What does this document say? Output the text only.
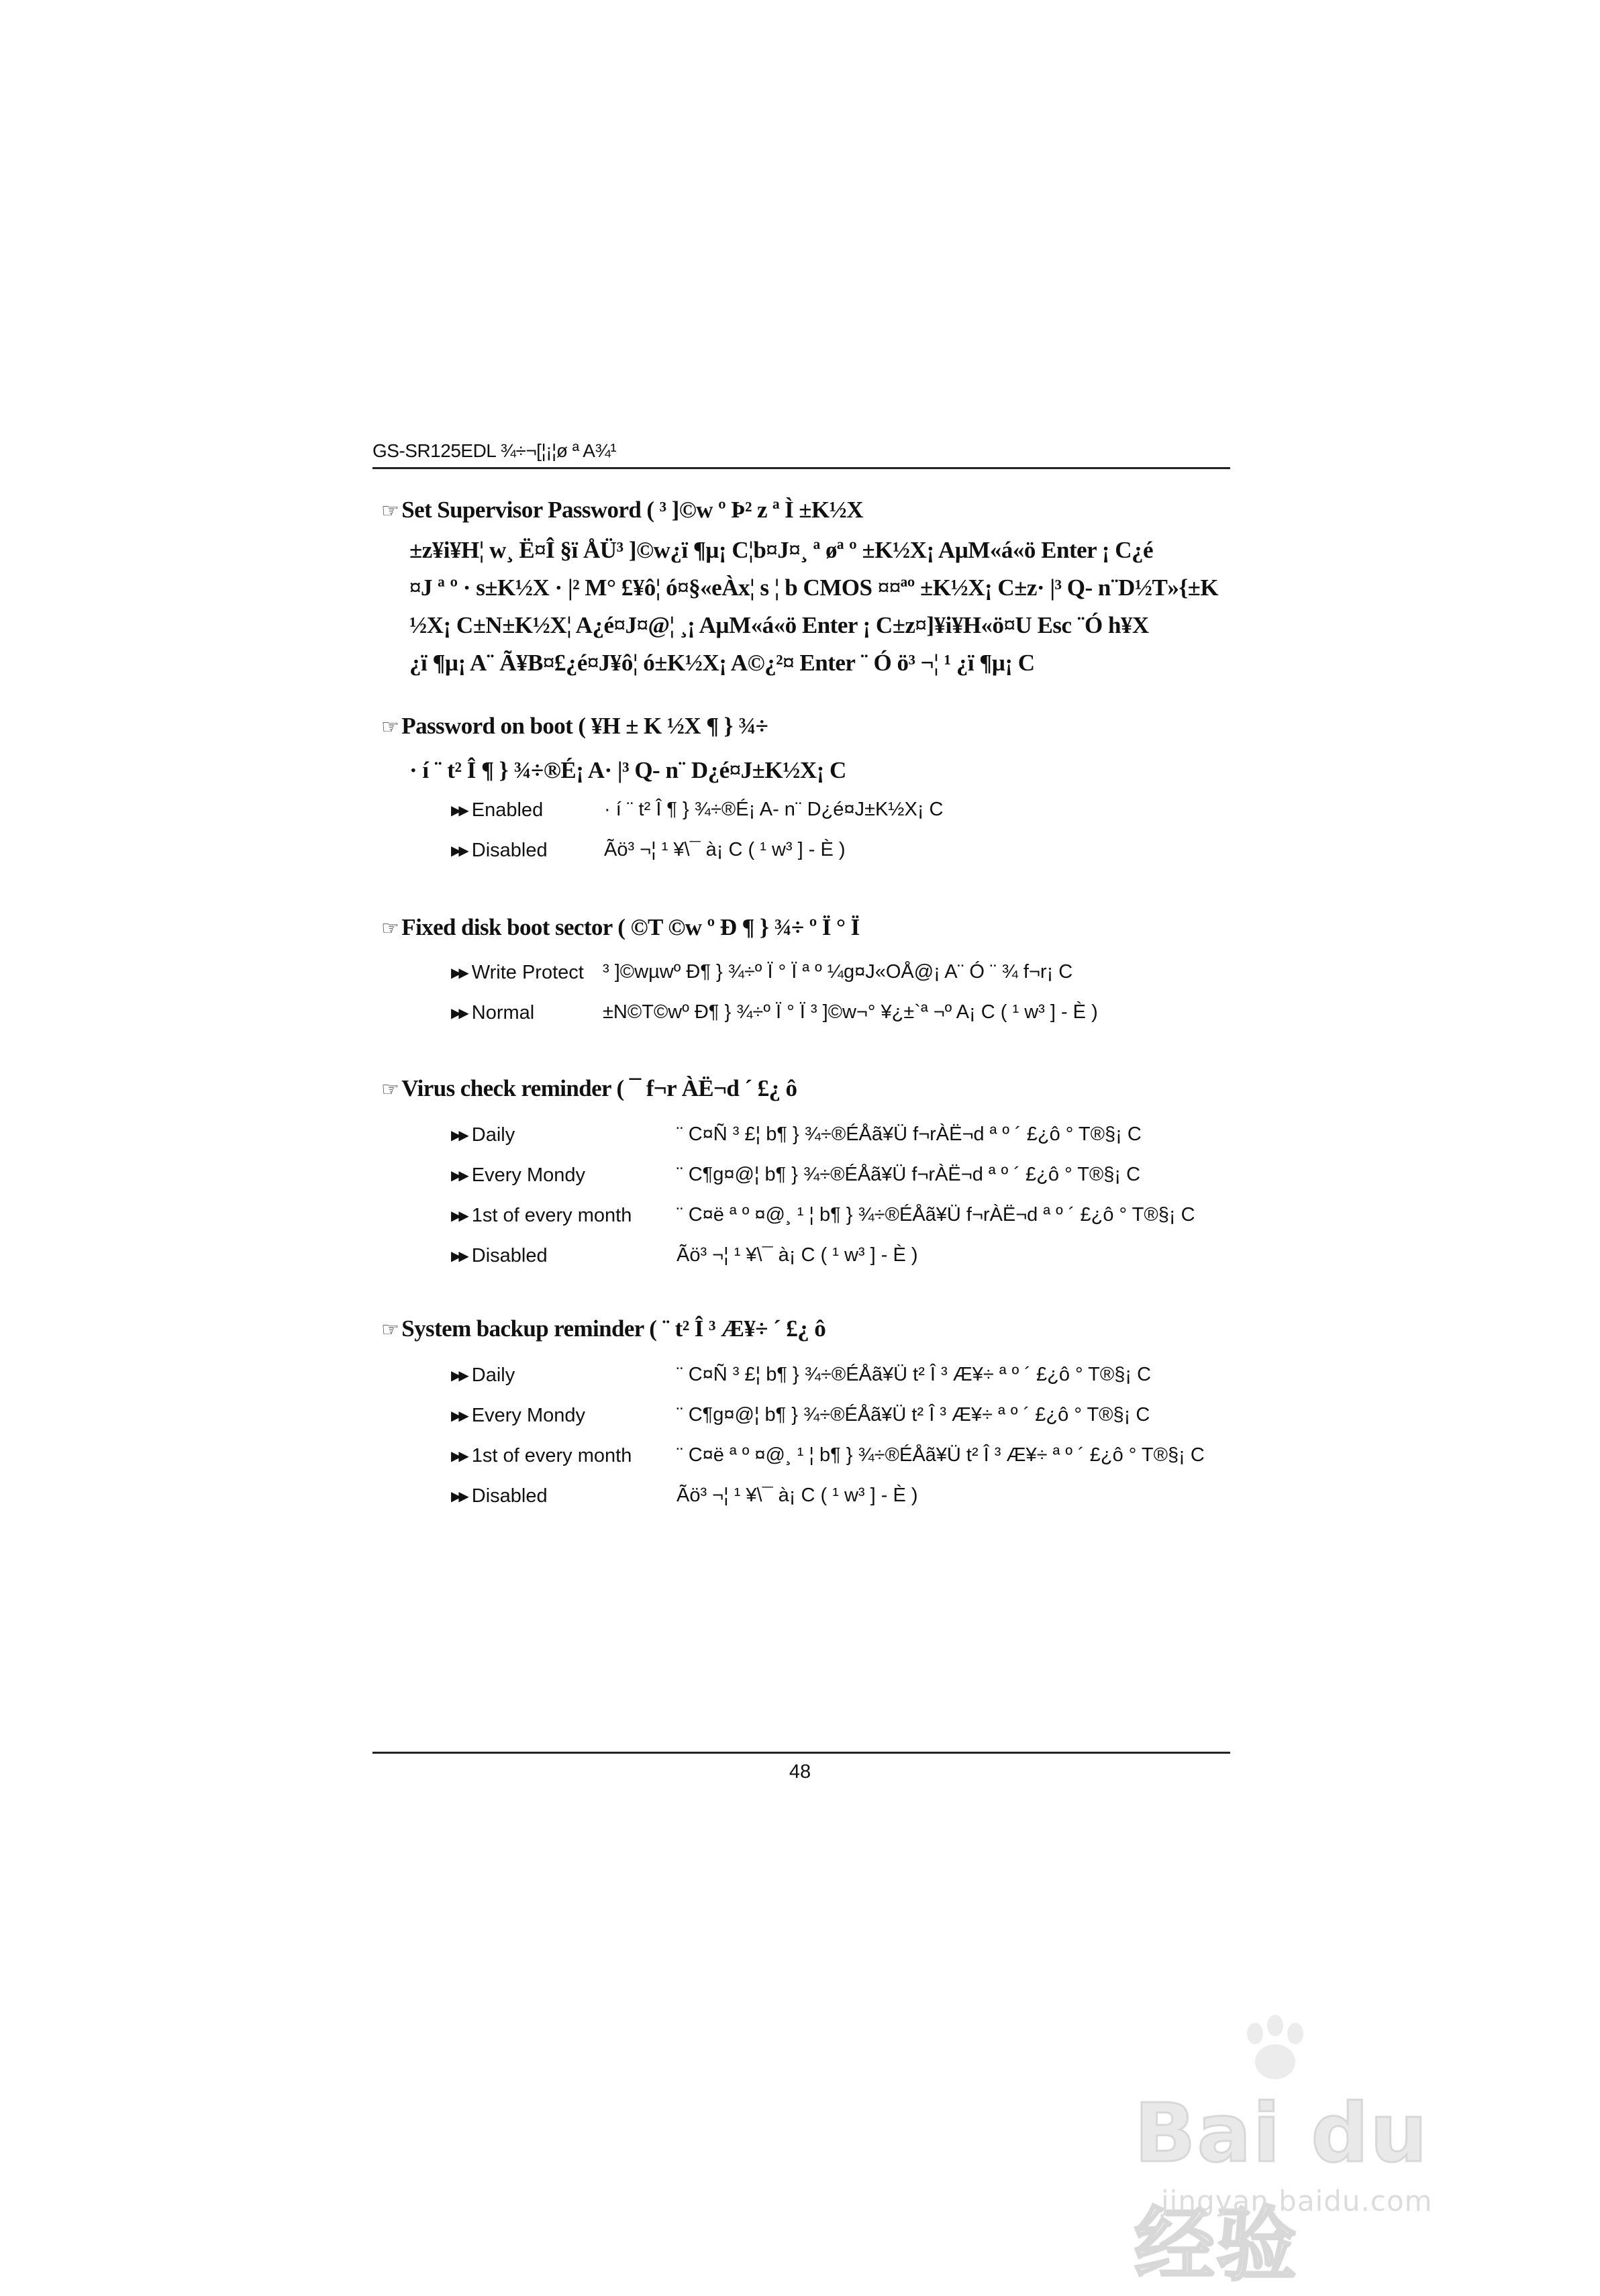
GS-SR125EDL ¾÷¬[¦¡¦ø ª A¾¹
☞ Set Supervisor Password ( ³ ]©w º Þ² z ª Ì ±K½X
±z¥i¥H¦ w¸ Ë¤Î §ï ÅÜ³ ]©w¿ï ¶µ¡ C¦b¤J¤¸ ª øª º ±K½X¡ AµM«á«ö Enter ¡ C¿é
¤J ª º · s±K½X · |² M° £¥ô¦ ó¤§«eÀx¦ s ¦ b CMOS ¤¤ªº ±K½X¡ C±z· |³ Q- n¨D½T»{±K
½X¡ C±N±K½X¦ A¿é¤J¤@¦ ¸¡ AµM«á«ö Enter ¡ C±z¤]¥i¥H«ö¤U Esc ¨Ó h¥X
¿ï ¶µ¡ A¨ Ã¥B¤£¿é¤J¥ô¦ ó±K½X¡ A©¿²¤ Enter ¨ Ó ö³ ¬¦ ¹ ¿ï ¶µ¡ C
☞ Password on boot ( ¥H ± K ½X ¶ } ¾÷
· í ¨ t² Î ¶ } ¾÷®É¡ A· |³ Q- n¨ D¿é¤J±K½X¡ C
▶▶ Enabled	· í ¨ t² Î ¶ } ¾÷®É¡ A- n¨ D¿é¤J±K½X¡ C
▶▶ Disabled	Ãö³ ¬¦ ¹ ¥\¯ à¡ C ( ¹ w³ ] - È )
☞ Fixed disk boot sector ( ©T ©w º Ð ¶ } ¾÷ º Ï ° Ï
▶▶ Write Protect ³ ]©wµwº Ð¶ } ¾÷º Ï ° Ï ª º ¼g¤J«OÅ@¡ A¨ Ó ¨ ¾ f¬r¡ C
▶▶ Normal	±N©T©wº Ð¶ } ¾÷º Ï ° Ï ³ ]©w¬° ¥¿±`ª ¬º A¡ C ( ¹ w³ ] - È )
☞ Virus check reminder ( ¯ f¬r ÀË¬d ´ £¿ ô
▶▶ Daily	¨ C¤Ñ ³ £¦ b¶ } ¾÷®ÉÅã¥Ü f¬rÀË¬d ª º ´ £¿ô ° T®§¡ C
▶▶ Every Mondy	¨ C¶g¤@¦ b¶ } ¾÷®ÉÅã¥Ü f¬rÀË¬d ª º ´ £¿ô ° T®§¡ C
▶▶ 1st of every month ¨ C¤ë ª º ¤@¸ ¹ ¦ b¶ } ¾÷®ÉÅã¥Ü f¬rÀË¬d ª º ´ £¿ô ° T®§¡ C
▶▶ Disabled	Ãö³ ¬¦ ¹ ¥\¯ à¡ C ( ¹ w³ ] - È )
☞ System backup reminder ( ¨ t² Î ³ Æ¥÷ ´ £¿ ô
▶▶ Daily	¨ C¤Ñ ³ £¦ b¶ } ¾÷®ÉÅã¥Ü t² Î ³ Æ¥÷ ª º ´ £¿ô ° T®§¡ C
▶▶ Every Mondy	¨ C¶g¤@¦ b¶ } ¾÷®ÉÅã¥Ü t² Î ³ Æ¥÷ ª º ´ £¿ô ° T®§¡ C
▶▶ 1st of every month ¨ C¤ë ª º ¤@¸ ¹ ¦ b¶ } ¾÷®ÉÅã¥Ü t² Î ³ Æ¥÷ ª º ´ £¿ô ° T®§¡ C
▶▶ Disabled	Ãö³ ¬¦ ¹ ¥\¯ à¡ C ( ¹ w³ ] - È )
48
Bai du 经验
jingyan.baidu.com
